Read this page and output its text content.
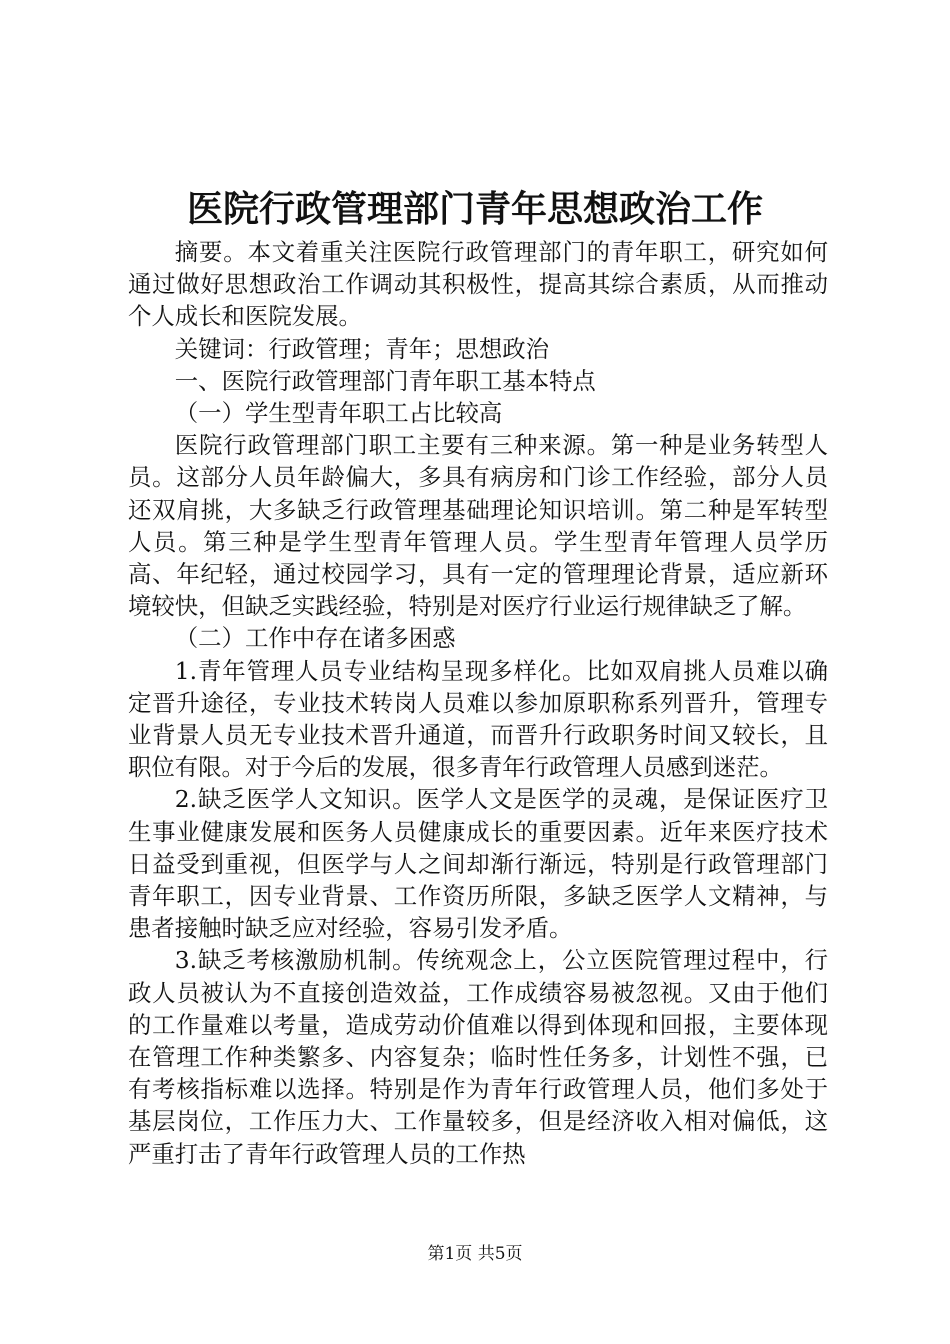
医院行政管理部门青年思想政治工作

摘要。本文着重关注医院行政管理部门的青年职工，研究如何通过做好思想政治工作调动其积极性，提高其综合素质，从而推动个人成长和医院发展。

关键词：行政管理；青年；思想政治

一、医院行政管理部门青年职工基本特点

（一）学生型青年职工占比较高

医院行政管理部门职工主要有三种来源。第一种是业务转型人员。这部分人员年龄偏大，多具有病房和门诊工作经验，部分人员还双肩挑，大多缺乏行政管理基础理论知识培训。第二种是军转型人员。第三种是学生型青年管理人员。学生型青年管理人员学历高、年纪轻，通过校园学习，具有一定的管理理论背景，适应新环境较快，但缺乏实践经验，特别是对医疗行业运行规律缺乏了解。

（二）工作中存在诸多困惑

1.青年管理人员专业结构呈现多样化。比如双肩挑人员难以确定晋升途径，专业技术转岗人员难以参加原职称系列晋升，管理专业背景人员无专业技术晋升通道，而晋升行政职务时间又较长，且职位有限。对于今后的发展，很多青年行政管理人员感到迷茫。

2.缺乏医学人文知识。医学人文是医学的灵魂，是保证医疗卫生事业健康发展和医务人员健康成长的重要因素。近年来医疗技术日益受到重视，但医学与人之间却渐行渐远，特别是行政管理部门青年职工，因专业背景、工作资历所限，多缺乏医学人文精神，与患者接触时缺乏应对经验，容易引发矛盾。

3.缺乏考核激励机制。传统观念上，公立医院管理过程中，行政人员被认为不直接创造效益，工作成绩容易被忽视。又由于他们的工作量难以考量，造成劳动价值难以得到体现和回报，主要体现在管理工作种类繁多、内容复杂；临时性任务多，计划性不强，已有考核指标难以选择。特别是作为青年行政管理人员，他们多处于基层岗位，工作压力大、工作量较多，但是经济收入相对偏低，这严重打击了青年行政管理人员的工作热

第1页 共5页
